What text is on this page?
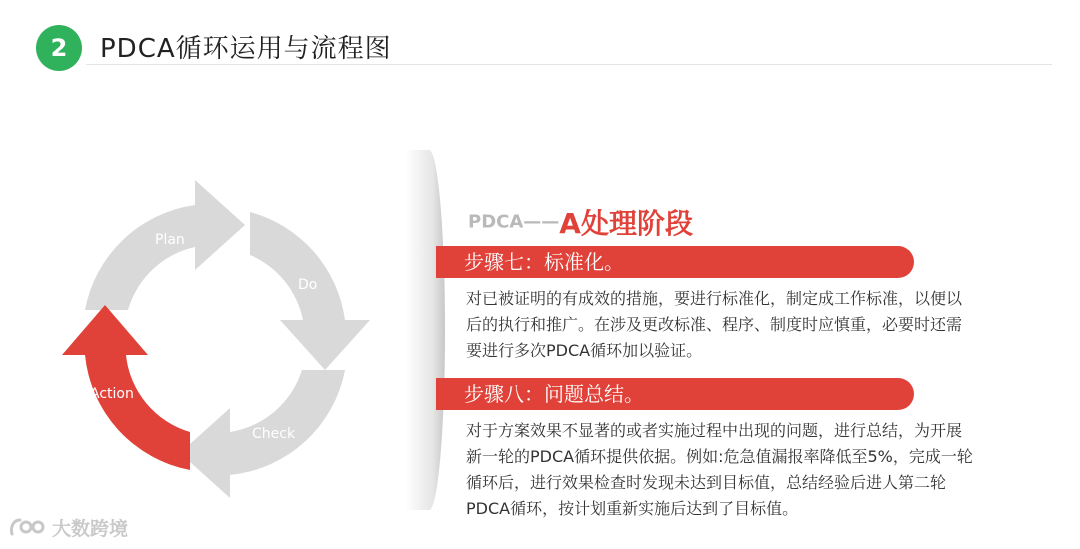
2	PDCA循环运用与流程图
Plan
Do
Check
Action
PDCA——A处理阶段
步骤七：标准化。
对已被证明的有成效的措施，要进行标准化，制定成工作标准，以便以
后的执行和推广。在涉及更改标准、程序、制度时应慎重，必要时还需
要进行多次PDCA循环加以验证。
步骤八：问题总结。
对于方案效果不显著的或者实施过程中出现的问题，进行总结，为开展
新一轮的PDCA循环提供依据。例如:危急值漏报率降低至5%，完成一轮
循环后，进行效果检查时发现未达到目标值，总结经验后进人第二轮
PDCA循环，按计划重新实施后达到了目标值。
大数跨境
